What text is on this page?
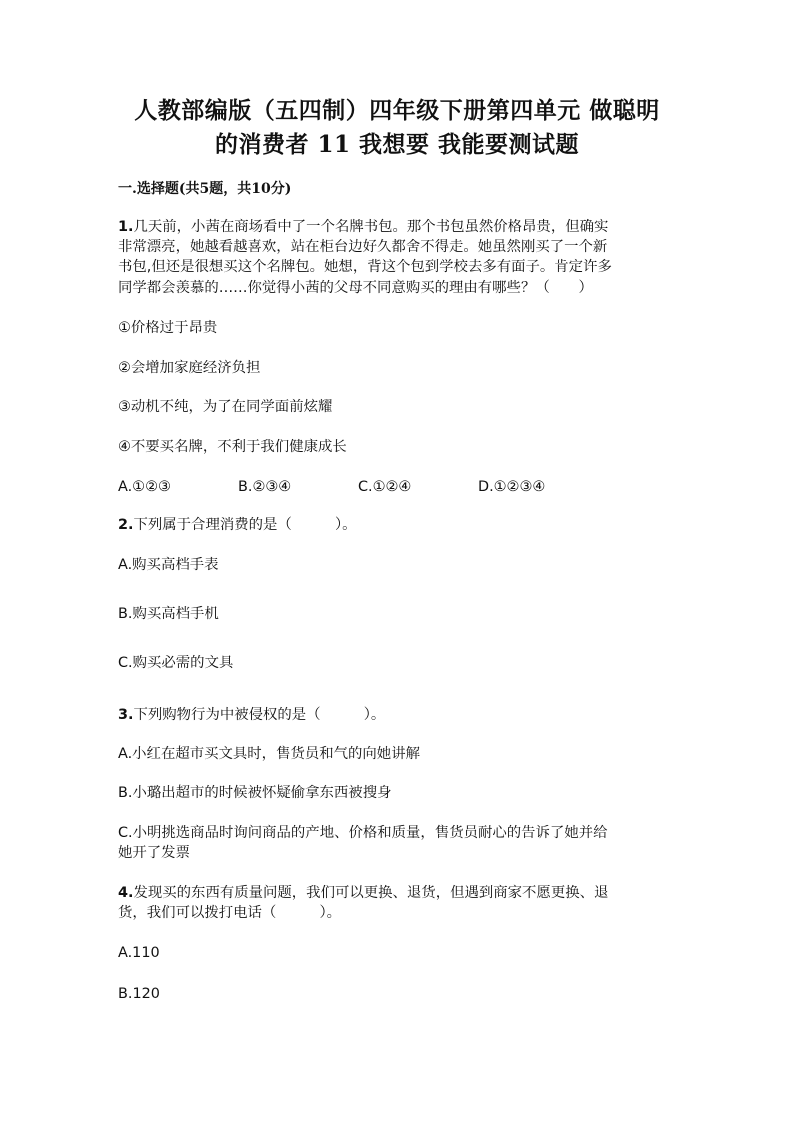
人教部编版（五四制）四年级下册第四单元 做聪明
的消费者 11 我想要 我能要测试题
一.选择题(共5题，共10分)
1.几天前，小茜在商场看中了一个名牌书包。那个书包虽然价格昂贵，但确实
非常漂亮，她越看越喜欢，站在柜台边好久都舍不得走。她虽然刚买了一个新
书包,但还是很想买这个名牌包。她想，背这个包到学校去多有面子。肯定许多
同学都会羡慕的……你觉得小茜的父母不同意购买的理由有哪些？（　　）
①价格过于昂贵
②会增加家庭经济负担
③动机不纯，为了在同学面前炫耀
④不要买名牌，不利于我们健康成长
A.①②③	B.②③④	C.①②④	D.①②③④
2.下列属于合理消费的是（　　　）。
A.购买高档手表
B.购买高档手机
C.购买必需的文具
3.下列购物行为中被侵权的是（　　　）。
A.小红在超市买文具时，售货员和气的向她讲解
B.小璐出超市的时候被怀疑偷拿东西被搜身
C.小明挑选商品时询问商品的产地、价格和质量，售货员耐心的告诉了她并给
她开了发票
4.发现买的东西有质量问题，我们可以更换、退货，但遇到商家不愿更换、退
货，我们可以拨打电话（　　　）。
A.110
B.120
